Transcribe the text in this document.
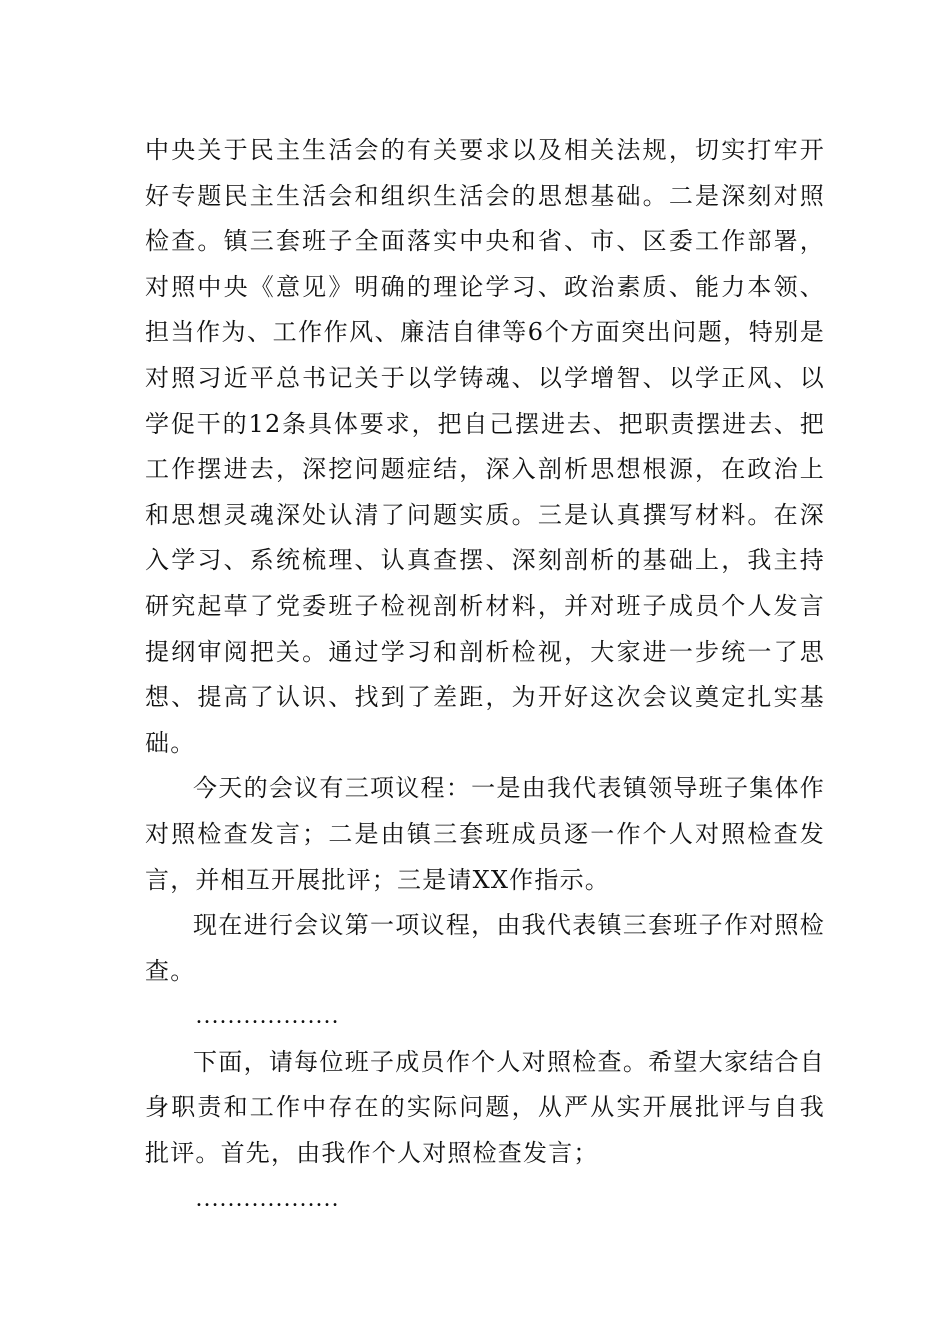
中央关于民主生活会的有关要求以及相关法规，切实打牢开好专题民主生活会和组织生活会的思想基础。二是深刻对照检查。镇三套班子全面落实中央和省、市、区委工作部署，对照中央《意见》明确的理论学习、政治素质、能力本领、担当作为、工作作风、廉洁自律等6个方面突出问题，特别是对照习近平总书记关于以学铸魂、以学增智、以学正风、以学促干的12条具体要求，把自己摆进去、把职责摆进去、把工作摆进去，深挖问题症结，深入剖析思想根源，在政治上和思想灵魂深处认清了问题实质。三是认真撰写材料。在深入学习、系统梳理、认真查摆、深刻剖析的基础上，我主持研究起草了党委班子检视剖析材料，并对班子成员个人发言提纲审阅把关。通过学习和剖析检视，大家进一步统一了思想、提高了认识、找到了差距，为开好这次会议奠定扎实基础。

今天的会议有三项议程：一是由我代表镇领导班子集体作对照检查发言；二是由镇三套班成员逐一作个人对照检查发言，并相互开展批评；三是请XX作指示。

现在进行会议第一项议程，由我代表镇三套班子作对照检查。

………………

下面，请每位班子成员作个人对照检查。希望大家结合自身职责和工作中存在的实际问题，从严从实开展批评与自我批评。首先，由我作个人对照检查发言；

………………
